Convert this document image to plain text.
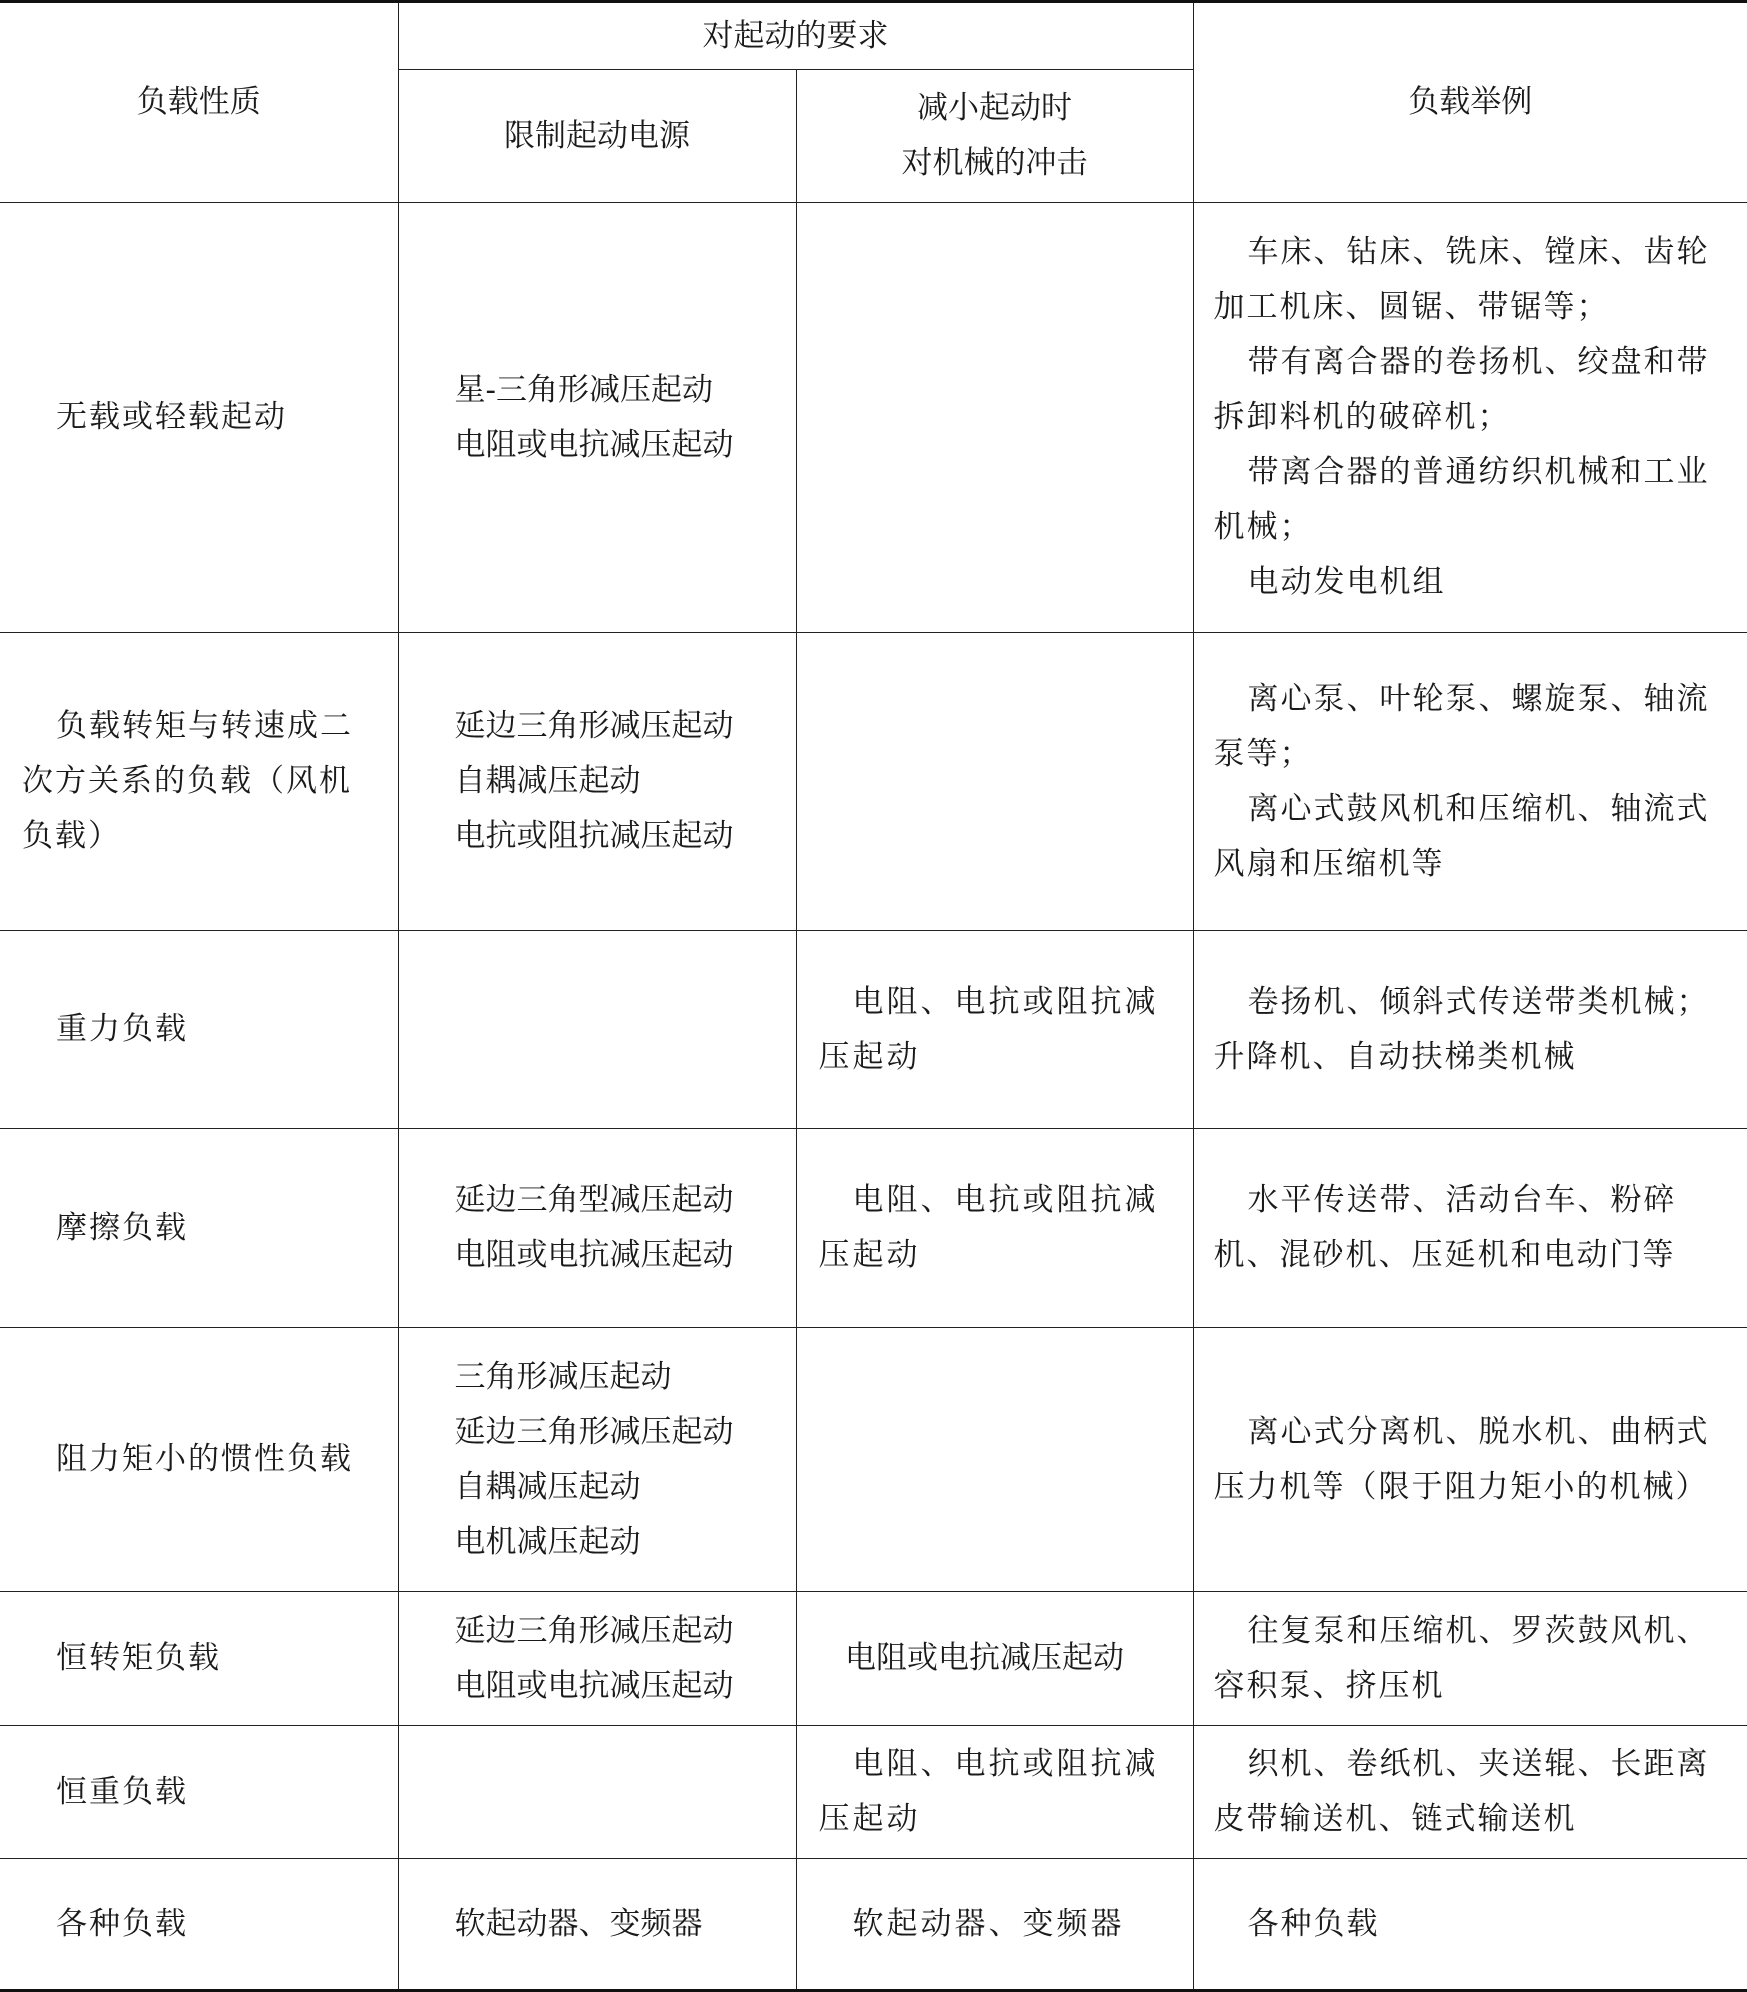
负载性质	对起动的要求		负载举例
	限制起动电源	减小起动时
对机械的冲击	

无载或轻载起动	星-三角形减压起动
电阻或电抗减压起动		车床、钻床、铣床、镗床、齿轮加工机床、圆锯、带锯等；
带有离合器的卷扬机、绞盘和带拆卸料机的破碎机；
带离合器的普通纺织机械和工业机械；
电动发电机组

负载转矩与转速成二次方关系的负载（风机负载）	延边三角形减压起动
自耦减压起动
电抗或阻抗减压起动		离心泵、叶轮泵、螺旋泵、轴流泵等；
离心式鼓风机和压缩机、轴流式风扇和压缩机等

重力负载		电阻、电抗或阻抗减压起动	卷扬机、倾斜式传送带类机械；升降机、自动扶梯类机械

摩擦负载	延边三角型减压起动
电阻或电抗减压起动	电阻、电抗或阻抗减压起动	水平传送带、活动台车、粉碎机、混砂机、压延机和电动门等

阻力矩小的惯性负载	三角形减压起动
延边三角形减压起动
自耦减压起动
电机减压起动		离心式分离机、脱水机、曲柄式压力机等（限于阻力矩小的机械）

恒转矩负载	延边三角形减压起动
电阻或电抗减压起动	电阻或电抗减压起动	往复泵和压缩机、罗茨鼓风机、容积泵、挤压机

恒重负载		电阻、电抗或阻抗减压起动	织机、卷纸机、夹送辊、长距离皮带输送机、链式输送机

各种负载	软起动器、变频器	软起动器、变频器	各种负载
